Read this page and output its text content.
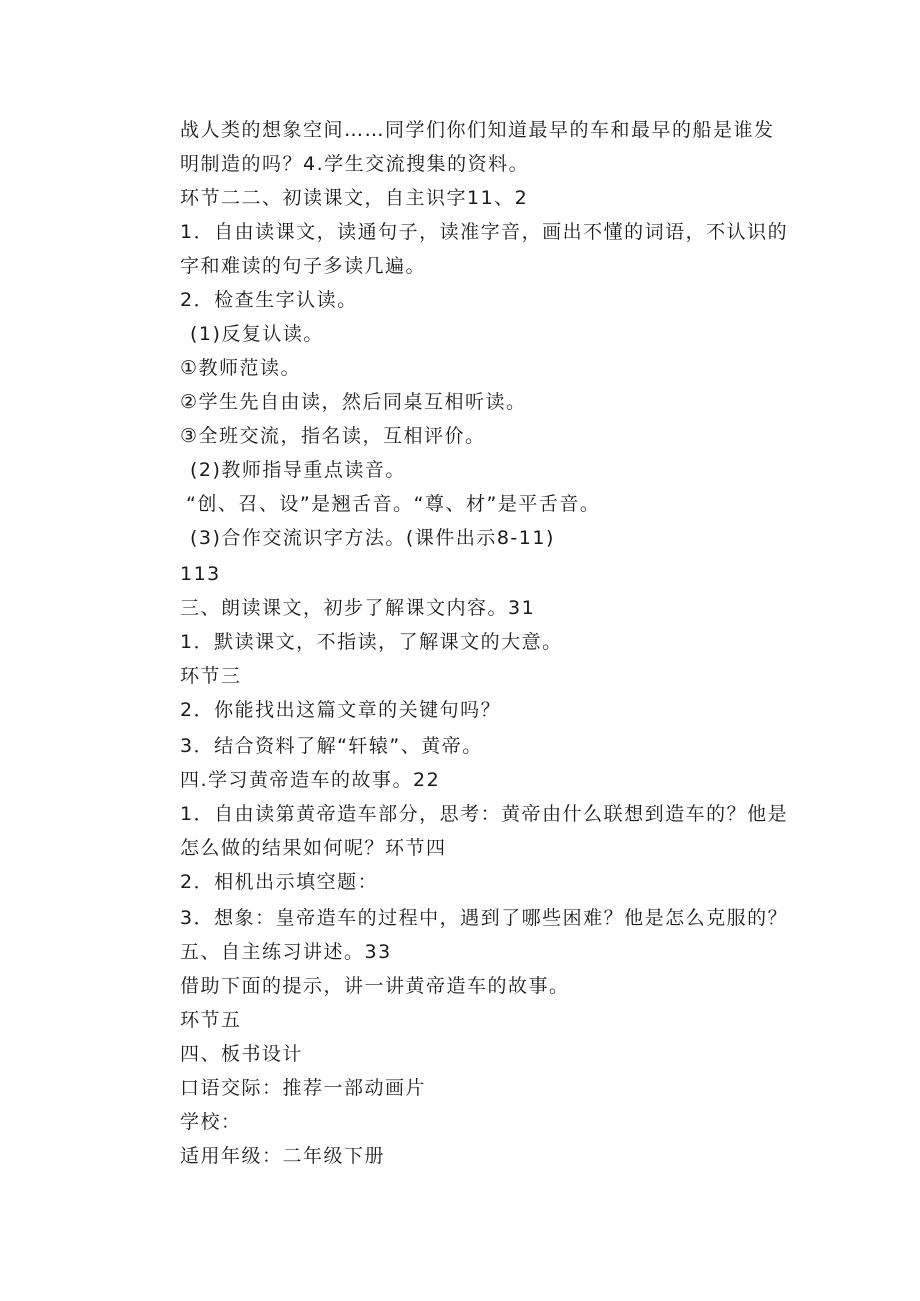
战人类的想象空间……同学们你们知道最早的车和最早的船是谁发
明制造的吗？4.学生交流搜集的资料。
环节二二、初读课文，自主识字11、2
1．自由读课文，读通句子，读准字音，画出不懂的词语，不认识的
字和难读的句子多读几遍。
2．检查生字认读。
(1)反复认读。
①教师范读。
②学生先自由读，然后同桌互相听读。
③全班交流，指名读，互相评价。
(2)教师指导重点读音。
“创、召、设”是翘舌音。“尊、材”是平舌音。
(3)合作交流识字方法。(课件出示8-11)
113
三、朗读课文，初步了解课文内容。31
1．默读课文，不指读，了解课文的大意。
环节三
2．你能找出这篇文章的关键句吗？
3．结合资料了解“轩辕”、黄帝。
四.学习黄帝造车的故事。22
1．自由读第黄帝造车部分，思考：黄帝由什么联想到造车的？他是
怎么做的结果如何呢？环节四
2．相机出示填空题：
3．想象：皇帝造车的过程中，遇到了哪些困难？他是怎么克服的？
五、自主练习讲述。33
借助下面的提示，讲一讲黄帝造车的故事。
环节五
四、板书设计
口语交际：推荐一部动画片
学校：
适用年级：二年级下册
